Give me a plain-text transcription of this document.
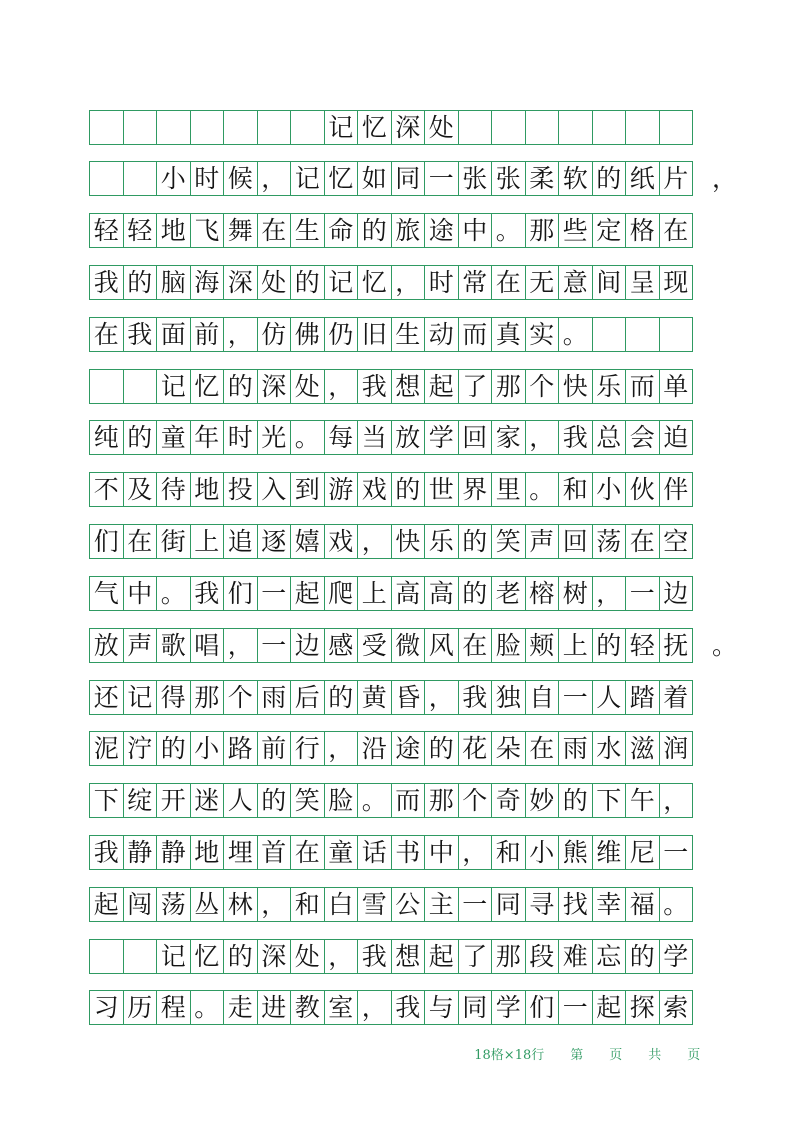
记 忆 深 处
小 时 候 ， 记 忆 如 同 一 张 张 柔 软 的 纸 片
轻 轻 地 飞 舞 在 生 命 的 旅 途 中 。 那 些 定 格 在
我 的 脑 海 深 处 的 记 忆 ， 时 常 在 无 意 间 呈 现
在 我 面 前 ， 仿 佛 仍 旧 生 动 而 真 实 。
记 忆 的 深 处 ， 我 想 起 了 那 个 快 乐 而 单
纯 的 童 年 时 光 。 每 当 放 学 回 家 ， 我 总 会 迫
不 及 待 地 投 入 到 游 戏 的 世 界 里 。 和 小 伙 伴
们 在 街 上 追 逐 嬉 戏 ， 快 乐 的 笑 声 回 荡 在 空
气 中 。 我 们 一 起 爬 上 高 高 的 老 榕 树 ， 一 边
放 声 歌 唱 ， 一 边 感 受 微 风 在 脸 颊 上 的 轻 抚
还 记 得 那 个 雨 后 的 黄 昏 ， 我 独 自 一 人 踏 着
泥 泞 的 小 路 前 行 ， 沿 途 的 花 朵 在 雨 水 滋 润
下 绽 开 迷 人 的 笑 脸 。 而 那 个 奇 妙 的 下 午 ，
我 静 静 地 埋 首 在 童 话 书 中 ， 和 小 熊 维 尼 一
起 闯 荡 丛 林 ， 和 白 雪 公 主 一 同 寻 找 幸 福 。
记 忆 的 深 处 ， 我 想 起 了 那 段 难 忘 的 学
习 历 程 。 走 进 教 室 ， 我 与 同 学 们 一 起 探 索
，
。

18格×18行　　 第　　页　　共　　页
